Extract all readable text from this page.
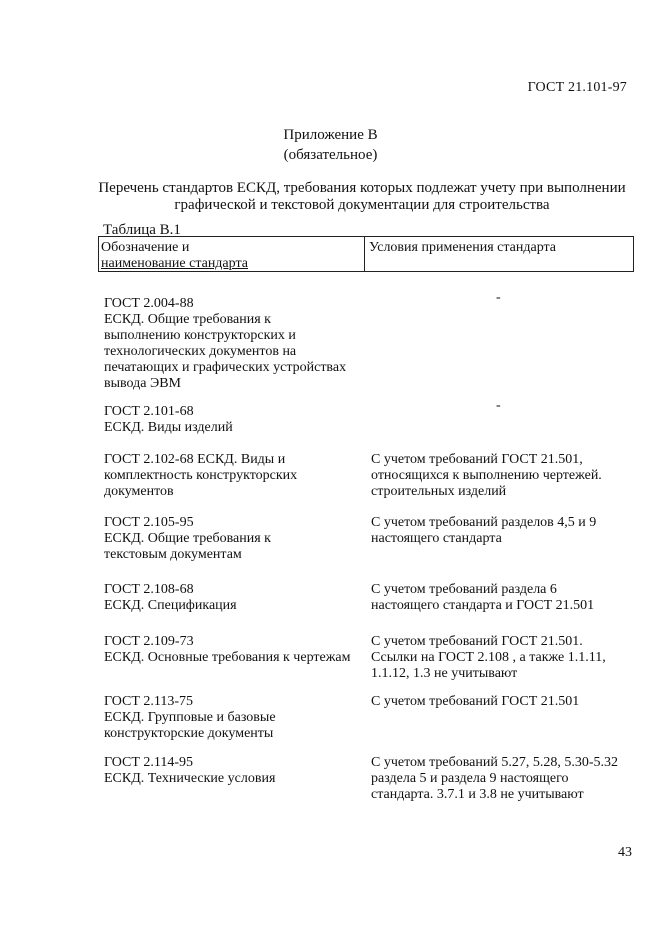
ГОСТ 21.101-97
Приложение В
(обязательное)
Перечень стандартов ЕСКД, требования которых подлежат учету при выполнении
графической и текстовой документации для строительства
Таблица В.1
Обозначение и
наименование стандарта
Условия применения стандарта
ГОСТ 2.004-88
ЕСКД. Общие требования к
выполнению конструкторских и
технологических документов на
печатающих и графических устройствах
вывода ЭВМ
-
ГОСТ 2.101-68
ЕСКД. Виды изделий
-
ГОСТ 2.102-68 ЕСКД. Виды и
комплектность конструкторских
документов
С учетом требований ГОСТ 21.501,
относящихся к выполнению чертежей.
строительных изделий
ГОСТ 2.105-95
ЕСКД. Общие требования к
текстовым документам
С учетом требований разделов 4,5 и 9
настоящего стандарта
ГОСТ 2.108-68
ЕСКД. Спецификация
С учетом требований раздела 6
настоящего стандарта и ГОСТ 21.501
ГОСТ 2.109-73
ЕСКД. Основные требования к чертежам
С учетом требований ГОСТ 21.501.
Ссылки на ГОСТ 2.108 , а также 1.1.11,
1.1.12, 1.3 не учитывают
ГОСТ 2.113-75
ЕСКД. Групповые и базовые
конструкторские документы
С учетом требований ГОСТ 21.501
ГОСТ 2.114-95
ЕСКД. Технические условия
С учетом требований 5.27, 5.28, 5.30-5.32
раздела 5 и раздела 9 настоящего
стандарта. 3.7.1 и 3.8 не учитывают
43
